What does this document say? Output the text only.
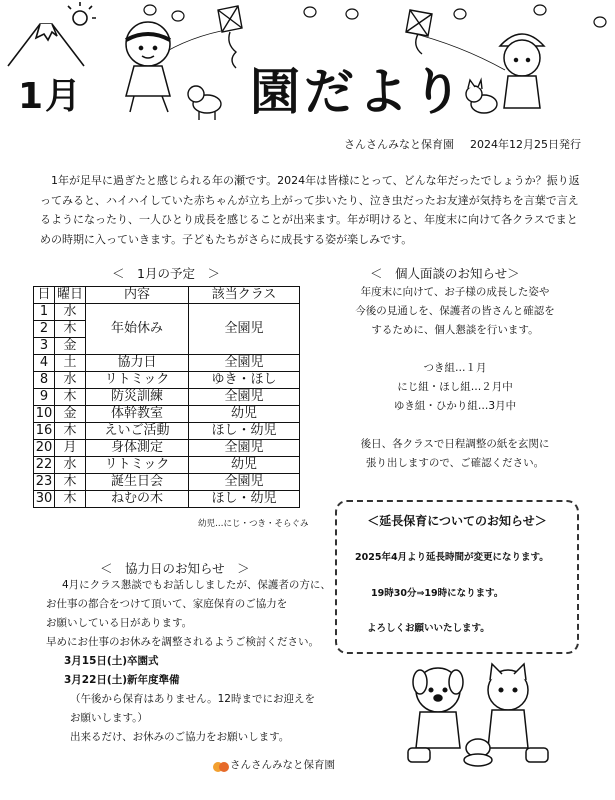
1月	園だより
さんさんみなと保育園 2024年12月25日発行

1年が足早に過ぎたと感じられる年の瀬です。2024年は皆様にとって、どんな年だったでしょうか？振り返ってみると、ハイハイしていた赤ちゃんが立ち上がって歩いたり、泣き虫だったお友達が気持ちを言葉で言えるようになったり、一人ひとり成長を感じることが出来ます。年が明けると、年度末に向けて各クラスでまとめの時期に入っていきます。子どもたちがさらに成長する姿が楽しみです。

＜　1月の予定　＞
日	曜日	内容	該当クラス
1	水	年始休み	全園児
2	木		
3	金		
4	土	協力日	全園児
8	水	リトミック	ゆき・ほし
9	木	防災訓練	全園児
10	金	体幹教室	幼児
16	木	えいご活動	ほし・幼児
20	月	身体測定	全園児
22	水	リトミック	幼児
23	木	誕生日会	全園児
30	木	ねむの木	ほし・幼児
幼児…にじ・つき・そらぐみ
＜　個人面談のお知らせ＞
年度末に向けて、お子様の成長した姿や
今後の見通しを、保護者の皆さんと確認を
するために、個人懇談を行います。
つき組…１月
にじ組・ほし組…２月中
ゆき組・ひかり組…3月中
後日、各クラスで日程調整の紙を玄関に
張り出しますので、ご確認ください。
＜延長保育についてのお知らせ＞
2025年4月より延長時間が変更になります。
19時30分⇒19時になります。
よろしくお願いいたします。
＜　協力日のお知らせ　＞
4月にクラス懇談でもお話ししましたが、保護者の方に、
お仕事の都合をつけて頂いて、家庭保育のご協力を
お願いしている日があります。
早めにお仕事のお休みを調整されるようご検討ください。
3月15日(土)卒園式
3月22日(土)新年度準備
（午後から保育はありません。12時までにお迎えを
お願いします。）
出来るだけ、お休みのご協力をお願いします。
さんさんみなと保育園
